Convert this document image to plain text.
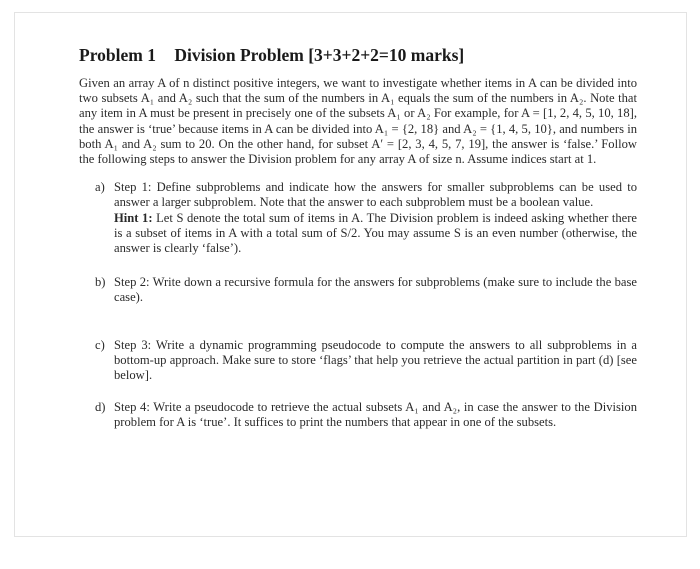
Problem 1 Division Problem [3+3+2+2=10 marks]

Given an array A of n distinct positive integers, we want to investigate whether items in A can be divided into two subsets A₁ and A₂ such that the sum of the numbers in A₁ equals the sum of the numbers in A₂. Note that any item in A must be present in precisely one of the subsets A₁ or A₂ For example, for A = [1, 2, 4, 5, 10, 18], the answer is ‘true’ because items in A can be divided into A₁ = {2, 18} and A₂ = {1, 4, 5, 10}, and numbers in both A₁ and A₂ sum to 20. On the other hand, for subset A′ = [2, 3, 4, 5, 7, 19], the answer is ‘false.’ Follow the following steps to answer the Division problem for any array A of size n. Assume indices start at 1.

a) Step 1: Define subproblems and indicate how the answers for smaller subproblems can be used to answer a larger subproblem. Note that the answer to each subproblem must be a boolean value.
Hint 1: Let S denote the total sum of items in A. The Division problem is indeed asking whether there is a subset of items in A with a total sum of S/2. You may assume S is an even number (otherwise, the answer is clearly ‘false’).
b) Step 2: Write down a recursive formula for the answers for subproblems (make sure to include the base case).
c) Step 3: Write a dynamic programming pseudocode to compute the answers to all subproblems in a bottom-up approach. Make sure to store ‘flags’ that help you retrieve the actual partition in part (d) [see below].
d) Step 4: Write a pseudocode to retrieve the actual subsets A₁ and A₂, in case the answer to the Division problem for A is ‘true’. It suffices to print the numbers that appear in one of the subsets.
